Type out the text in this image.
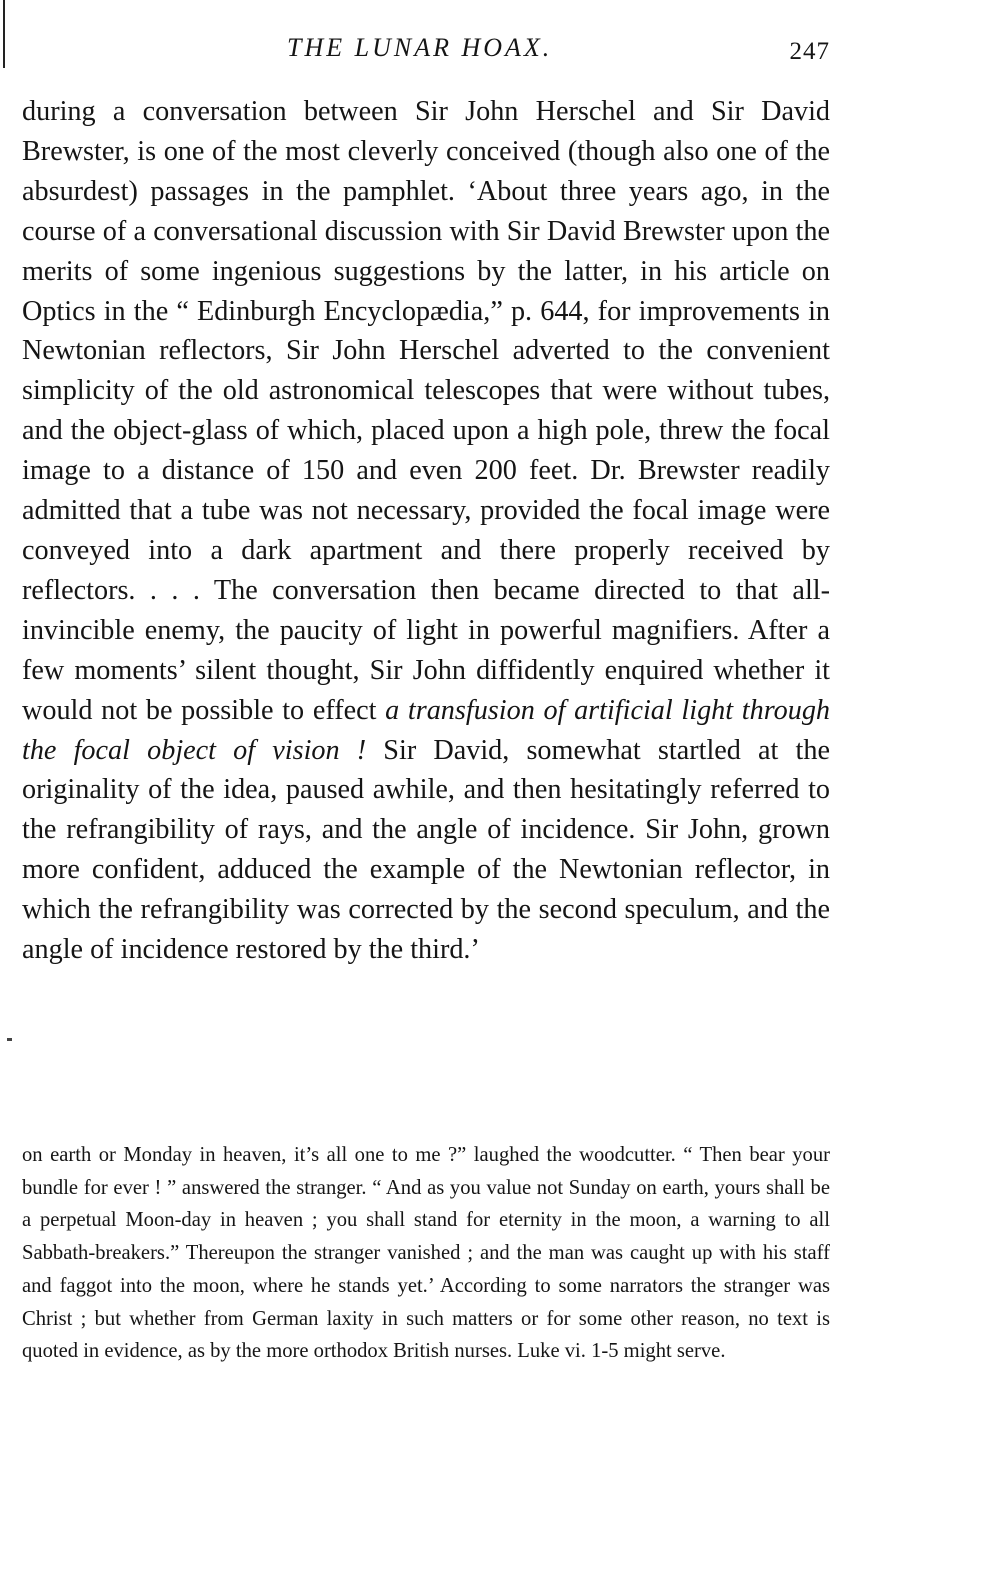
THE LUNAR HOAX.	247

during a conversation between Sir John Herschel and Sir David Brewster, is one of the most cleverly conceived (though also one of the absurdest) passages in the pamphlet. ‘About three years ago, in the course of a conversational discussion with Sir David Brewster upon the merits of some ingenious suggestions by the latter, in his article on Optics in the “ Edinburgh Encyclopædia,” p. 644, for improvements in Newtonian reflectors, Sir John Herschel adverted to the convenient simplicity of the old astronomical telescopes that were without tubes, and the object-glass of which, placed upon a high pole, threw the focal image to a distance of 150 and even 200 feet. Dr. Brewster readily admitted that a tube was not necessary, provided the focal image were conveyed into a dark apartment and there properly received by reflectors. . . . The conversation then became directed to that all-invincible enemy, the paucity of light in powerful magnifiers. After a few moments’ silent thought, Sir John diffidently enquired whether it would not be possible to effect a transfusion of artificial light through the focal object of vision ! Sir David, somewhat startled at the originality of the idea, paused awhile, and then hesitatingly referred to the refrangibility of rays, and the angle of incidence. Sir John, grown more confident, adduced the example of the Newtonian reflector, in which the refrangibility was corrected by the second speculum, and the angle of incidence restored by the third.’

on earth or Monday in heaven, it’s all one to me ?” laughed the woodcutter. “ Then bear your bundle for ever ! ” answered the stranger. “ And as you value not Sunday on earth, yours shall be a perpetual Moon-day in heaven ; you shall stand for eternity in the moon, a warning to all Sabbath-breakers.” Thereupon the stranger vanished ; and the man was caught up with his staff and faggot into the moon, where he stands yet.’ According to some narrators the stranger was Christ ; but whether from German laxity in such matters or for some other reason, no text is quoted in evidence, as by the more orthodox British nurses. Luke vi. 1-5 might serve.
